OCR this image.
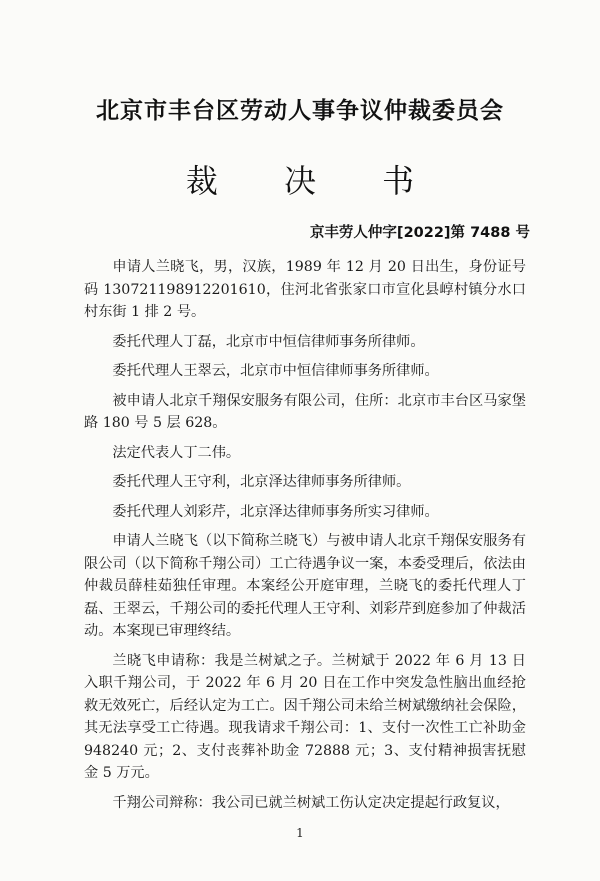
北京市丰台区劳动人事争议仲裁委员会
裁 决 书
京丰劳人仲字[2022]第 7488 号

申请人兰晓飞，男，汉族，1989 年 12 月 20 日出生，身份证号码 130721198912201610，住河北省张家口市宣化县崞村镇分水口村东街 1 排 2 号。

委托代理人丁磊，北京市中恒信律师事务所律师。

委托代理人王翠云，北京市中恒信律师事务所律师。

被申请人北京千翔保安服务有限公司，住所：北京市丰台区马家堡路 180 号 5 层 628。

法定代表人丁二伟。

委托代理人王守利，北京泽达律师事务所律师。

委托代理人刘彩芹，北京泽达律师事务所实习律师。

申请人兰晓飞（以下简称兰晓飞）与被申请人北京千翔保安服务有限公司（以下简称千翔公司）工亡待遇争议一案，本委受理后，依法由仲裁员薛桂茹独任审理。本案经公开庭审理，兰晓飞的委托代理人丁磊、王翠云，千翔公司的委托代理人王守利、刘彩芹到庭参加了仲裁活动。本案现已审理终结。

兰晓飞申请称：我是兰树斌之子。兰树斌于 2022 年 6 月 13 日入职千翔公司，于 2022 年 6 月 20 日在工作中突发急性脑出血经抢救无效死亡，后经认定为工亡。因千翔公司未给兰树斌缴纳社会保险，其无法享受工亡待遇。现我请求千翔公司：1、支付一次性工亡补助金 948240 元；2、支付丧葬补助金 72888 元；3、支付精神损害抚慰金 5 万元。

千翔公司辩称：我公司已就兰树斌工伤认定决定提起行政复议，

1
